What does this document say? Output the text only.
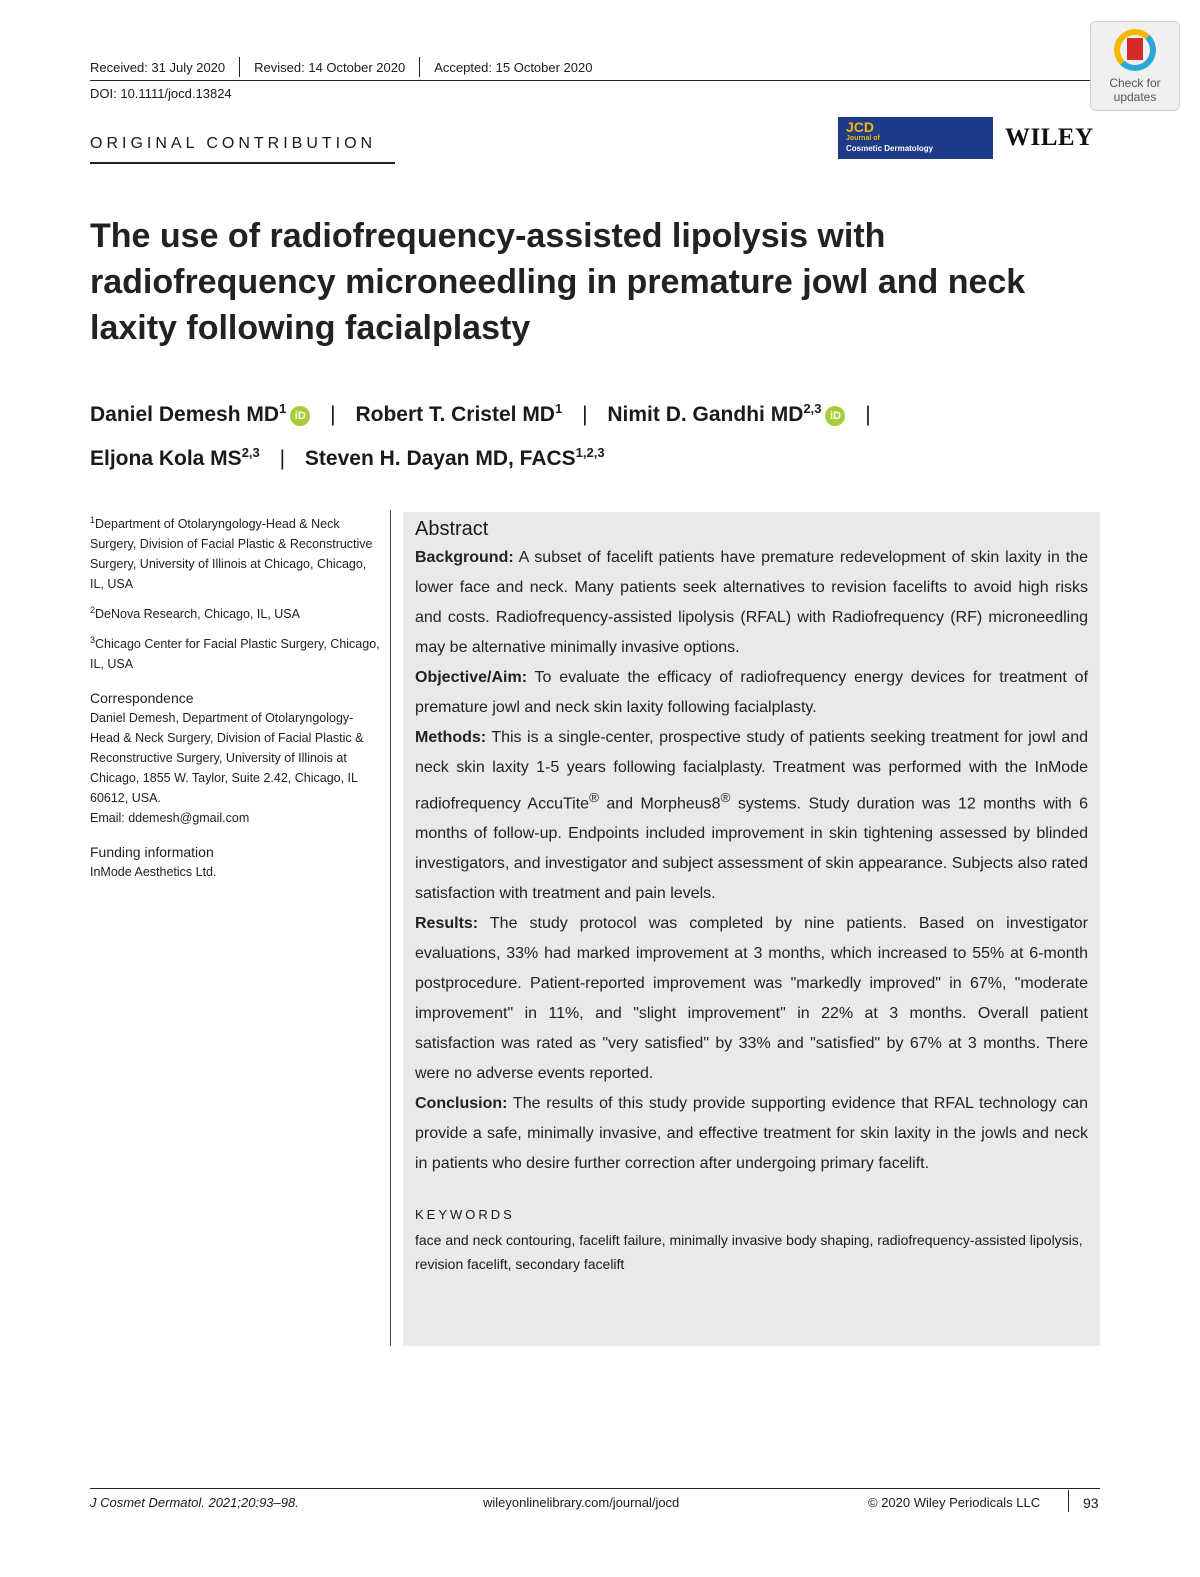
Received: 31 July 2020 Revised: 14 October 2020 Accepted: 15 October 2020
DOI: 10.1111/jocd.13824
Check for
updates
ORIGINAL CONTRIBUTION
JCD
Journal of
Cosmetic Dermatology	WILEY
The use of radiofrequency-assisted lipolysis with radiofrequency microneedling in premature jowl and neck laxity following facialplasty
Daniel Demesh $MD^1$ iD | Robert T. Cristel $MD^1$ | Nimit D. Gandhi MD$^{2,3}$ iD |
Eljona Kola MS$^{2,3}$ | Steven H. Dayan MD, FACS$^{1,2,3}$

$^1$Department of Otolaryngology-Head & Neck Surgery, Division of Facial Plastic & Reconstructive Surgery, University of Illinois at Chicago, Chicago, IL, USA

$^2$DeNova Research, Chicago, IL, USA

$^3$Chicago Center for Facial Plastic Surgery, Chicago, IL, USA

Correspondence
Daniel Demesh, Department of Otolaryngology-Head & Neck Surgery, Division of Facial Plastic & Reconstructive Surgery, University of Illinois at Chicago, 1855 W. Taylor, Suite 2.42, Chicago, IL 60612, USA.
Email: ddemesh@gmail.com
Funding information
InMode Aesthetics Ltd.
Abstract
Background: A subset of facelift patients have premature redevelopment of skin laxity in the lower face and neck. Many patients seek alternatives to revision facelifts to avoid high risks and costs. Radiofrequency-assisted lipolysis (RFAL) with Radiofrequency (RF) microneedling may be alternative minimally invasive options.
Objective/Aim: To evaluate the efficacy of radiofrequency energy devices for treatment of premature jowl and neck skin laxity following facialplasty.
Methods: This is a single-center, prospective study of patients seeking treatment for jowl and neck skin laxity 1-5 years following facialplasty. Treatment was performed with the InMode radiofrequency AccuTite® and Morpheus8® systems. Study duration was 12 months with 6 months of follow-up. Endpoints included improvement in skin tightening assessed by blinded investigators, and investigator and subject assessment of skin appearance. Subjects also rated satisfaction with treatment and pain levels.
Results: The study protocol was completed by nine patients. Based on investigator evaluations, 33% had marked improvement at 3 months, which increased to 55% at 6-month postprocedure. Patient-reported improvement was "markedly improved" in 67%, "moderate improvement" in 11%, and "slight improvement" in 22% at 3 months. Overall patient satisfaction was rated as "very satisfied" by 33% and "satisfied" by 67% at 3 months. There were no adverse events reported.
Conclusion: The results of this study provide supporting evidence that RFAL technology can provide a safe, minimally invasive, and effective treatment for skin laxity in the jowls and neck in patients who desire further correction after undergoing primary facelift.
KEYWORDS
face and neck contouring, facelift failure, minimally invasive body shaping, radiofrequency-assisted lipolysis, revision facelift, secondary facelift
J Cosmet Dermatol. 2021;20:93–98.	wileyonlinelibrary.com/journal/jocd	© 2020 Wiley Periodicals LLC	93
